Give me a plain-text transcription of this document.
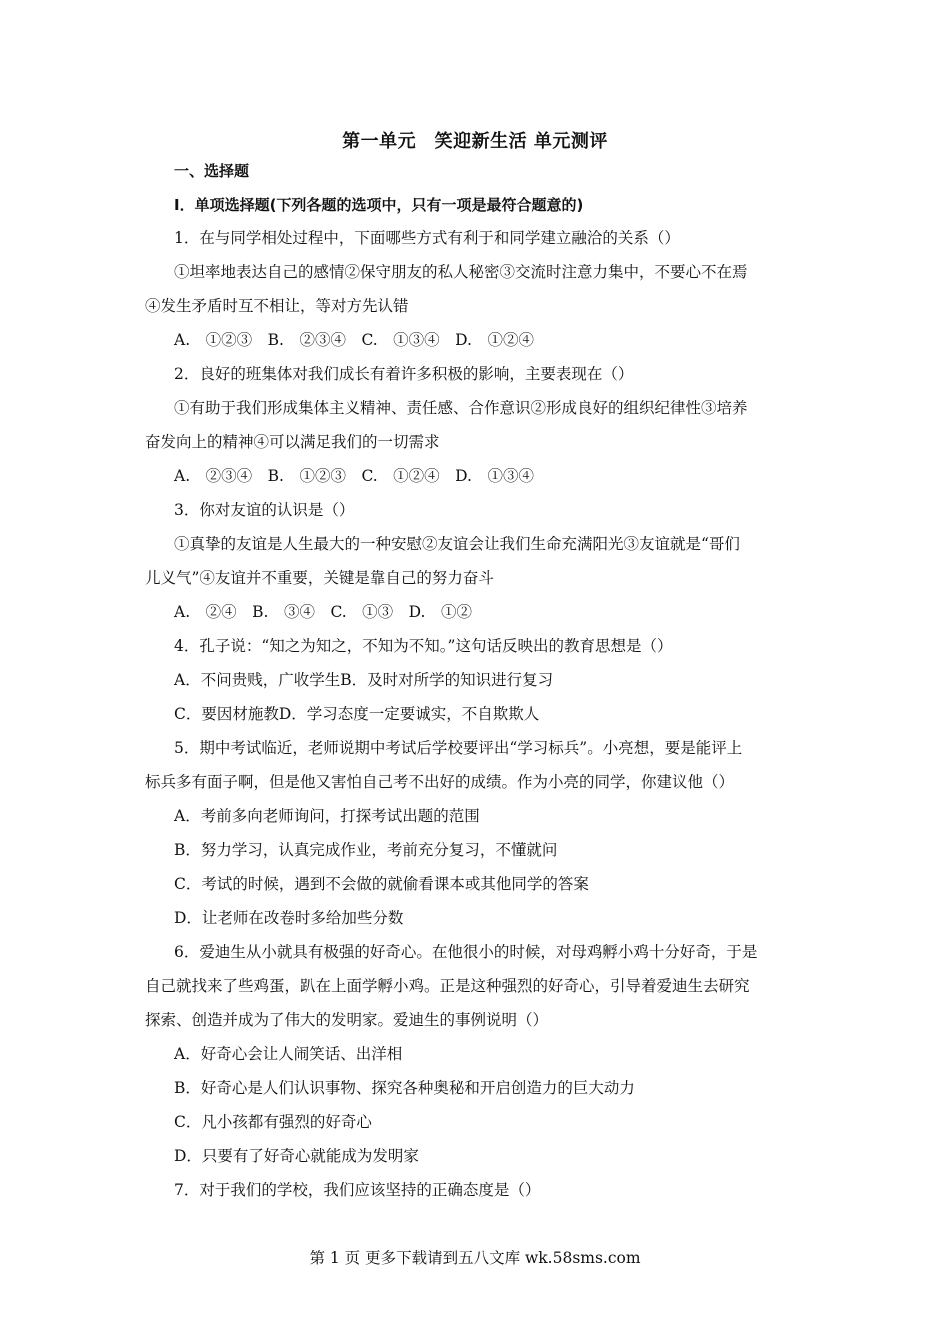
第一单元　笑迎新生活 单元测评
一、选择题
Ⅰ．单项选择题(下列各题的选项中，只有一项是最符合题意的)
1．在与同学相处过程中，下面哪些方式有利于和同学建立融洽的关系（）
①坦率地表达自己的感情②保守朋友的私人秘密③交流时注意力集中，不要心不在焉
④发生矛盾时互不相让，等对方先认错
A.　①②③　B.　②③④　C.　①③④　D.　①②④
2．良好的班集体对我们成长有着许多积极的影响，主要表现在（）
①有助于我们形成集体主义精神、责任感、合作意识②形成良好的组织纪律性③培养
奋发向上的精神④可以满足我们的一切需求
A.　②③④　B.　①②③　C.　①②④　D.　①③④
3．你对友谊的认识是（）
①真挚的友谊是人生最大的一种安慰②友谊会让我们生命充满阳光③友谊就是“哥们
儿义气”④友谊并不重要，关键是靠自己的努力奋斗
A.　②④　B.　③④　C.　①③　D.　①②
4．孔子说：“知之为知之，不知为不知。”这句话反映出的教育思想是（）
A．不问贵贱，广收学生B．及时对所学的知识进行复习
C．要因材施教D．学习态度一定要诚实，不自欺欺人
5．期中考试临近，老师说期中考试后学校要评出“学习标兵”。小亮想，要是能评上
标兵多有面子啊，但是他又害怕自己考不出好的成绩。作为小亮的同学，你建议他（）
A．考前多向老师询问，打探考试出题的范围
B．努力学习，认真完成作业，考前充分复习，不懂就问
C．考试的时候，遇到不会做的就偷看课本或其他同学的答案
D．让老师在改卷时多给加些分数
6．爱迪生从小就具有极强的好奇心。在他很小的时候，对母鸡孵小鸡十分好奇，于是
自己就找来了些鸡蛋，趴在上面学孵小鸡。正是这种强烈的好奇心，引导着爱迪生去研究
探索、创造并成为了伟大的发明家。爱迪生的事例说明（）
A．好奇心会让人闹笑话、出洋相
B．好奇心是人们认识事物、探究各种奥秘和开启创造力的巨大动力
C．凡小孩都有强烈的好奇心
D．只要有了好奇心就能成为发明家
7．对于我们的学校，我们应该坚持的正确态度是（）
第 1 页 更多下载请到五八文库 wk.58sms.com
